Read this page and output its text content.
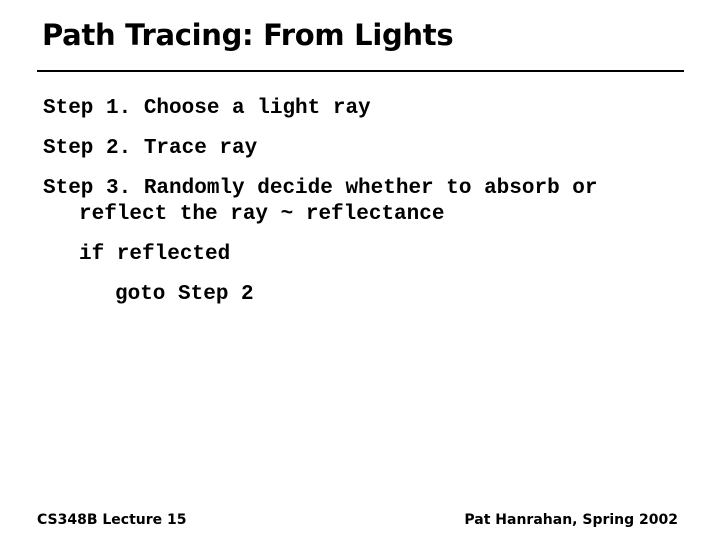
Path Tracing: From Lights
Step 1. Choose a light ray
Step 2. Trace ray
Step 3. Randomly decide whether to absorb or reflect the ray ~ reflectance
if reflected
goto Step 2
CS348B Lecture 15	Pat Hanrahan, Spring 2002
